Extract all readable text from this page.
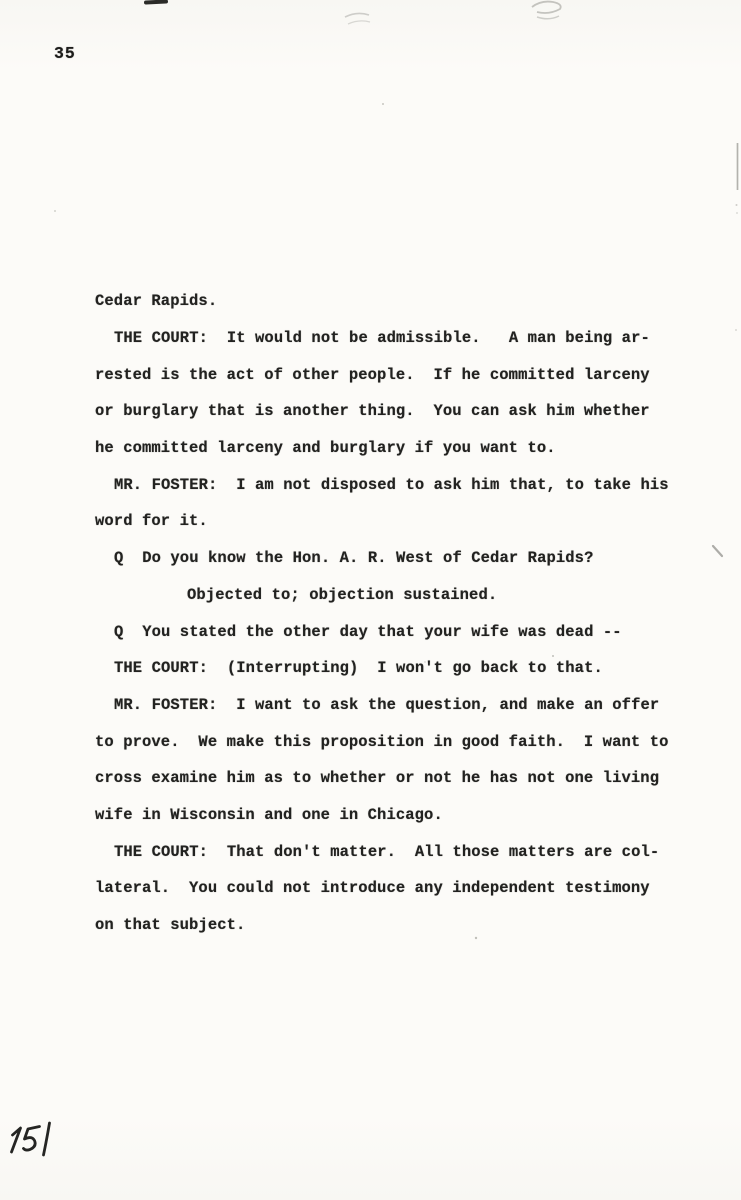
35
Cedar Rapids.
THE COURT:  It would not be admissible.   A man being ar-
rested is the act of other people.  If he committed larceny
or burglary that is another thing.  You can ask him whether
he committed larceny and burglary if you want to.
MR. FOSTER:  I am not disposed to ask him that, to take his
word for it.
Q  Do you know the Hon. A. R. West of Cedar Rapids?
Objected to; objection sustained.
Q  You stated the other day that your wife was dead --
THE COURT:  (Interrupting)  I won't go back to that.
MR. FOSTER:  I want to ask the question, and make an offer
to prove.  We make this proposition in good faith.  I want to
cross examine him as to whether or not he has not one living
wife in Wisconsin and one in Chicago.
THE COURT:  That don't matter.  All those matters are col-
lateral.  You could not introduce any independent testimony
on that subject.
